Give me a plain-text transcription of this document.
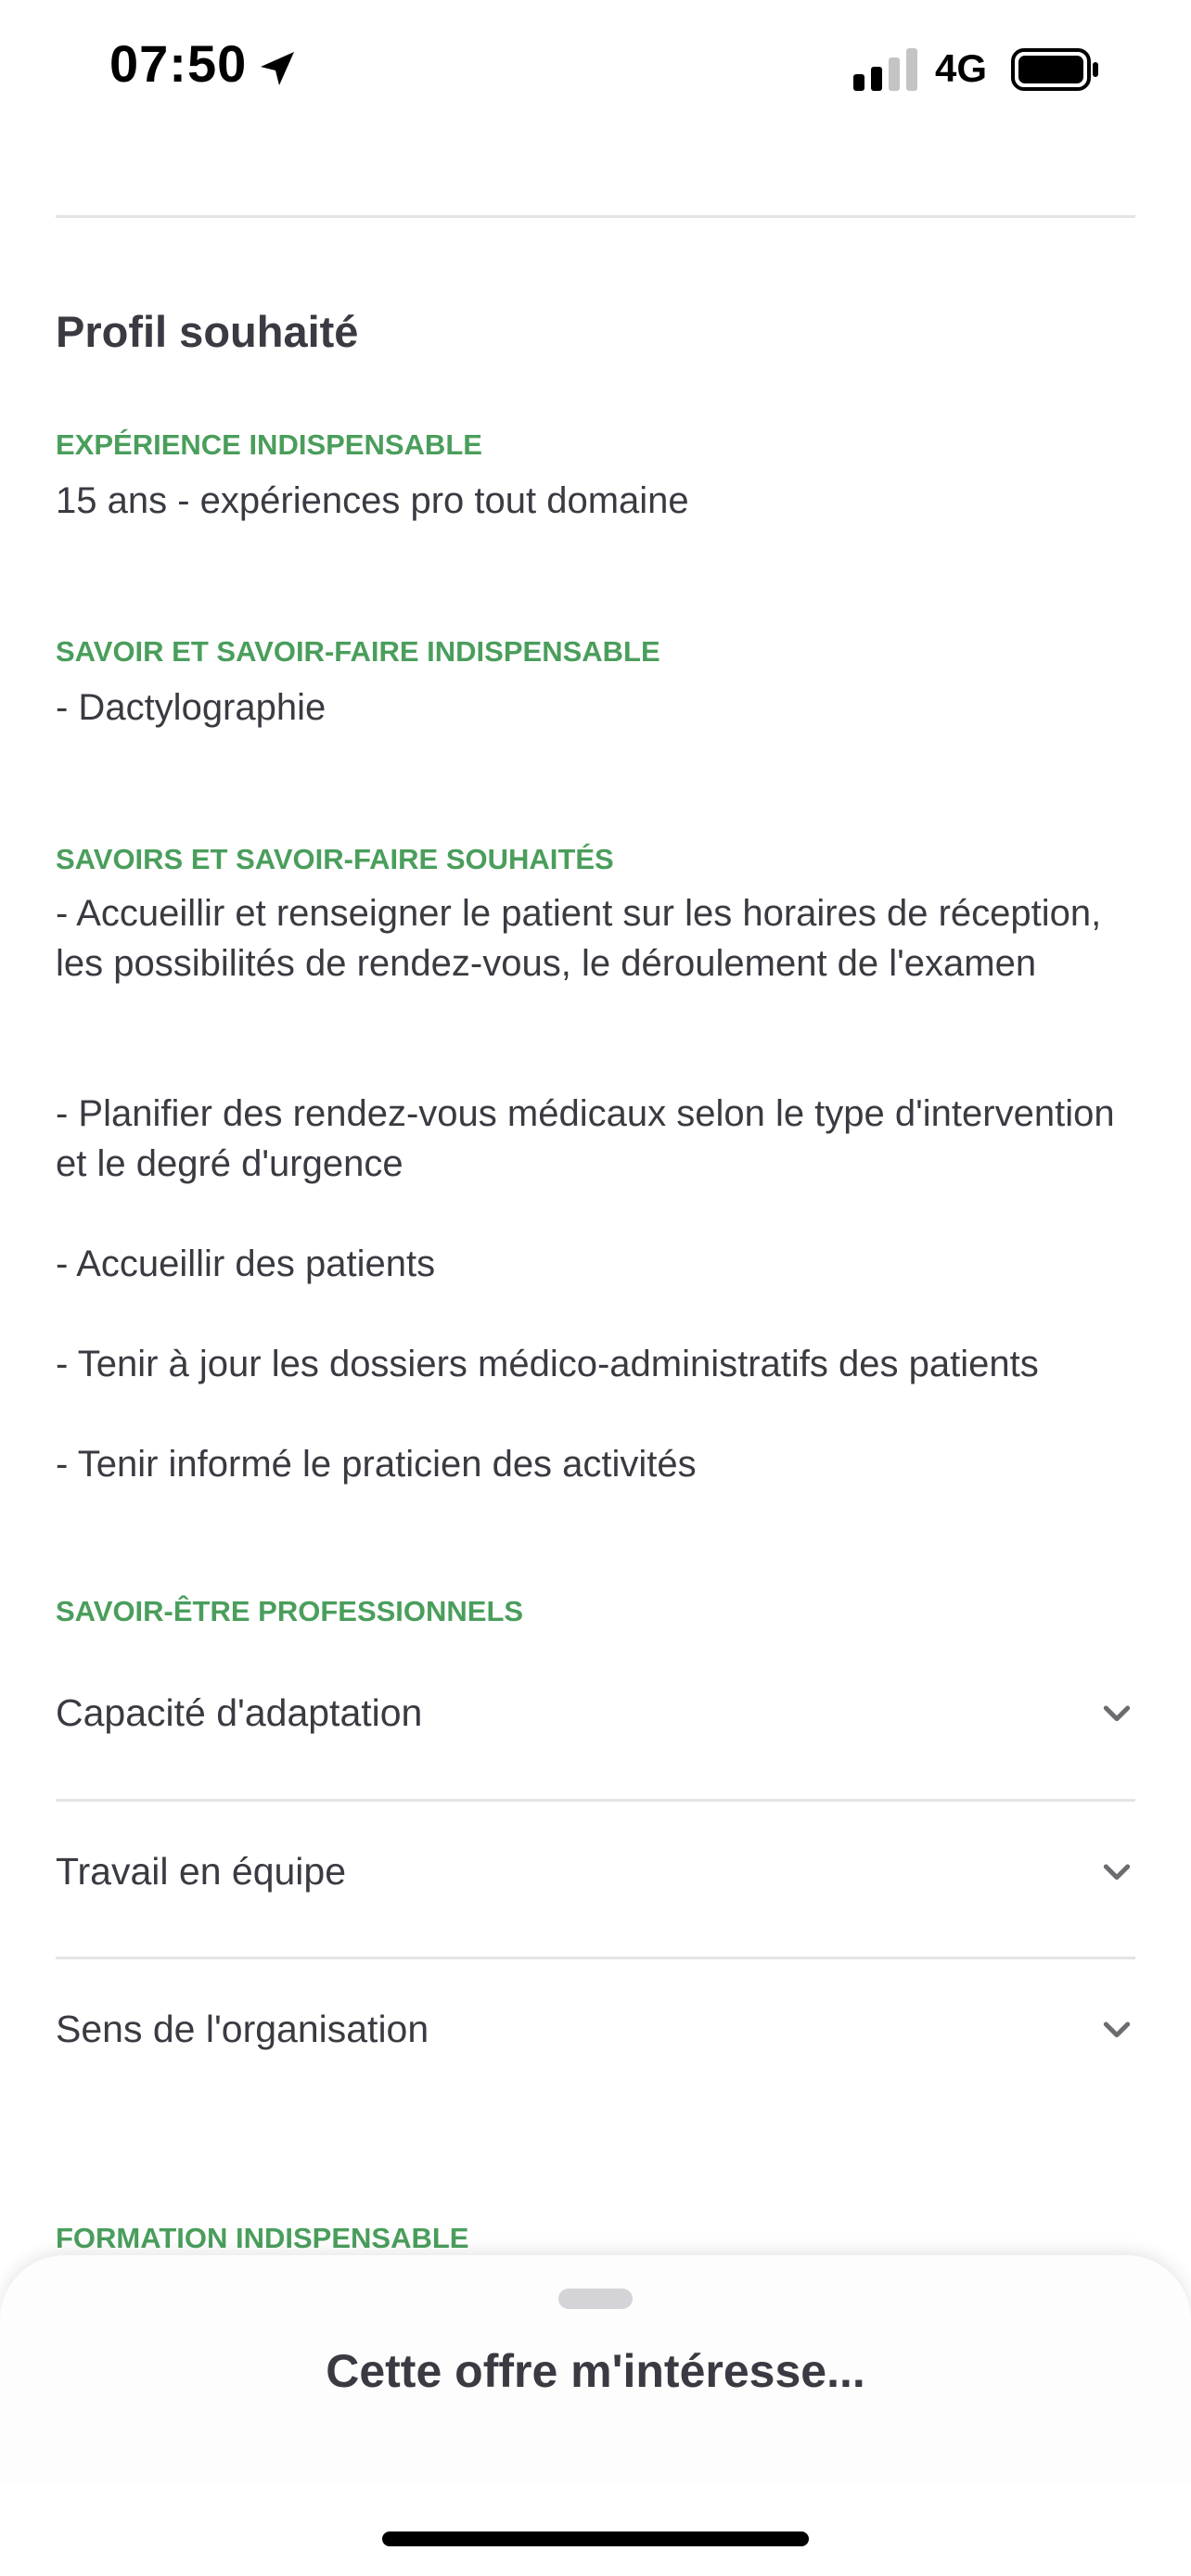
07:50	4G
Profil souhaité
EXPÉRIENCE INDISPENSABLE
15 ans - expériences pro tout domaine
SAVOIR ET SAVOIR-FAIRE INDISPENSABLE
- Dactylographie
SAVOIRS ET SAVOIR-FAIRE SOUHAITÉS
- Accueillir et renseigner le patient sur les horaires de réception, les possibilités de rendez-vous, le déroulement de l'examen
- Planifier des rendez-vous médicaux selon le type d'intervention et le degré d'urgence
- Accueillir des patients
- Tenir à jour les dossiers médico-administratifs des patients
- Tenir informé le praticien des activités
SAVOIR-ÊTRE PROFESSIONNELS
Capacité d'adaptation
Travail en équipe
Sens de l'organisation
FORMATION INDISPENSABLE
Cette offre m'intéresse...
